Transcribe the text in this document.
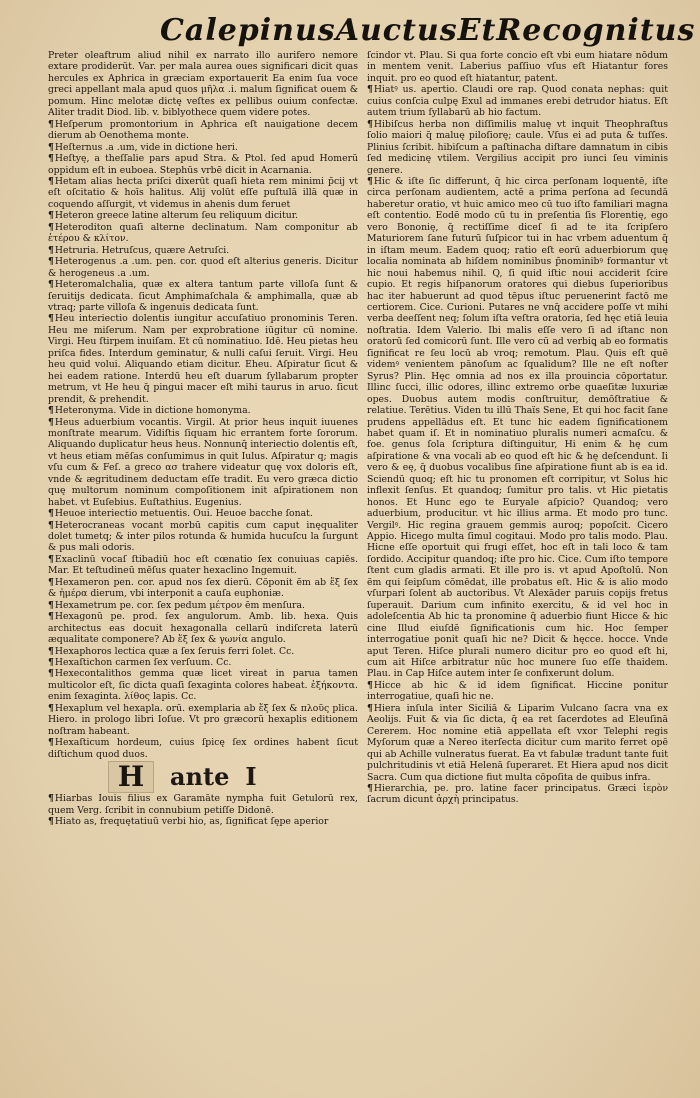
Calepinus Auctus Et Recognitus

Preter oleaftrum aliud nihil ex narrato illo aurifero nemore extare prodiderūt. Var. per mala aurea oues significari dicit quas hercules ex Aphrica in græciam exportauerit Ea enim ſua voce greci appellant mala apud quos μῆλα .i. malum ſignificat ouem & pomum. Hinc melotæ dictę veſtes ex pellibus ouium confectæ. Aliter tradit Diod. lib. v. biblyothece quem videre potes.

¶Heſperum promontorium in Aphrica eſt nauigatione decem dierum ab Oenothema monte.

¶Heſternus .a .um, vide in dictione heri.

¶Heſtyę, a theſſalie pars apud Stra. & Ptol. ſed apud Homerū oppidum eſt in euboea. Stephūs vrbē dicit in Acarnania.

¶Hetam alias hecta priſci dixerūt quaſi hieta rem minimi p̄cij vt eſt oſcitatio & hoīs halitus. Alij volūt eſſe puſtulā illā quæ in coquendo aſſurgit, vt videmus in ahenis dum feruet

¶Heteron greece latine alterum ſeu reliquum dicitur.

¶Heteroditon quaſi alterne declinatum. Nam componitur ab ἑτέρου & κλίτον.

¶Hetruria. Hetruſcus, quære Aetruſci.

¶Heterogenus .a .um. pen. cor. quod eſt alterius generis. Dicitur & herogeneus .a .um.

¶Heteromalchalia, quæ ex altera tantum parte villoſa ſunt & ſeruitijs dedicata. ſicut Amphimaſchala & amphimalla, quæ ab vtraq; parte villoſa & ingenuis dedicata ſunt.

¶Heu interiectio dolentis iungitur accuſatiuo pronominis Teren. Heu me miſerum. Nam per exprobratione iūgitur cū nomine. Virgi. Heu ſtirpem inuiſam. Et cū nominatiuo. Idē. Heu pietas heu priſca fides. Interdum geminatur, & nulli caſui ſeruit. Virgi. Heu heu quid volui. Aliquando etiam dicitur. Eheu. Aſpiratur ſicut & hei eadem ratione. Interdū heu eſt duarum ſyllabarum propter metrum, vt He heu q̄ pingui macer eſt mihi taurus in aruo. ſicut prendit, & prehendit.

¶Heteronyma. Vide in dictione homonyma.

¶Heus aduerbium vocantis. Virgil. At prior heus inquit iuuenes monſtrate mearum. Vidiſtis ſiquam hic errantem forte ſororum. Aliquando duplicatur heus heus. Nonnunq̄ interiectio dolentis eſt, vt heus etiam mēſas conſumimus in quit Iulus. Aſpiratur q; magis vſu cum & Feſ. a greco ασ trahere videatur quę vox doloris eſt, vnde & ægritudinem deductam eſſe tradit. Eu vero græca dictio quę multorum nominum compoſitionem init aſpirationem non habet. vt Euſebius. Euſtathius. Eugenius.

¶Heuoe interiectio metuentis. Oui. Heuoe bacche ſonat.

¶Heterocraneas vocant morbū capitis cum caput inęqualiter dolet tumetq; & inter pilos rotunda & humida hucuſcu la ſurgunt & pus mali odoris.

¶Exaclinū vocaſ ſtibadiū hoc eſt cœnatio ſex conuiuas capiēs. Mar. Et teſtudineū mēſus quater hexaclino Ingemuit.

¶Hexameron pen. cor. apud nos ſex dierū. Cōponit ēm ab ἕξ ſex & ἡμέρα dierum, vbi interponit a cauſa euphoniæ.

¶Hexametrum pe. cor. ſex pedum μέτρον ēm menſura.

¶Hexagonū pe. prod. ſex angulorum. Amb. lib. hexa. Quis architectus eas docuit hexagonalla cellarū indiſcreta laterū æqualitate componere? Ab ἕξ ſex & γωνία angulo.

¶Hexaphoros lectica quæ a ſex ſeruis ferri ſolet. Cc.

¶Hexaſtichon carmen ſex verſuum. Cc.

¶Hexecontalithos gemma quæ licet vireat in parua tamen multicolor eſt, ſic dicta quaſi ſexaginta colores habeat. ἑξήκοντα. enim ſexaginta. λίθος lapis. Cc.

¶Hexaplum vel hexapla. orū. exemplaria ab ἕξ ſex & πλοῦς plica. Hiero. in prologo libri Ioſue. Vt pro græcorū hexaplis editionem noſtram habeant.

¶Hexaſticum hordeum, cuius ſpicę ſex ordines habent ſicut diſtichum quod duos.

H	ante I

¶Hiarbas Iouis filius ex Garamāte nympha fuit Getulorū rex, quem Verg. ſcribit in connubium petiſſe Didonē.

¶Hiato as, frequętatiuū verbi hio, as, ſignificat ſępe aperior

ſcindor vt. Plau. Si qua forte concio eſt vbi eum hiatare nōdum in mentem venit. Laberius paſſiuo vſus eſt Hiatantur fores inquit. pro eo quod eſt hiatantur, patent.

¶Hiatꝰ us. apertio. Claudi ore rap. Quod conata nephas: quit cuius conſcia culpę Exul ad immanes erebi detrudor hiatus. Eſt autem trium ſyllabarū ab hio factum.

¶Hibiſcus herba non diſſimilis maluę vt inquit Theophraſtus ſolio maiori q̄ maluę piloſiorę; caule. Vſus ei ad puta & tuſſes. Plinius ſcribit. hibiſcum a paſtinacha diſtare damnatum in cibis ſed medicinę vtilem. Vergilius accipit pro iunci ſeu viminis genere.

¶Hic & iſte ſic differunt, q̄ hic circa perſonam loquentē, iſte circa perſonam audientem, actē a prima perſona ad ſecundā haberetur oratio, vt huic amico meo cū tuo iſto familiari magna eſt contentio. Eodē modo cū tu in preſentia ſis Florentię, ego vero Bononię, q̄ rectiſſime diceſ ſi ad te ita ſcripſero Maturiorem ſane futurū ſuſpicor tui in hac vrbem aduentum q̄ in iſtam meum. Eadem quoq; ratio eſt eorū aduerbiorum quę localia nominata ab hiſdem nominibus p̄nominibꝰ formantur vt hic noui habemus nihil. Q, ſi quid iſtic noui acciderit ſcire cupio. Et regis hiſpanorum oratores qui diebus ſuperioribus hac iter habuerunt ad quod tēpus iſtuc peruenerint factō me certiorem. Cice. Curioni. Putares ne vnq̄ accidere poſſe vt mihi verba deeſſent neq; ſolum iſta veſtra oratoria, ſed hęc etiā leuia noſtratia. Idem Valerio. Ibi malis eſſe vero ſi ad iſtanc non oratorū ſed comicorū ſunt. Ille vero cū ad verbiꝗ ab eo formatis ſignificat re ſeu locū ab vroq; remotum. Plau. Quis eſt quē videmꝰ venientem pānoſum ac ſqualidum? Ille ne eſt noſter Syrus? Plin. Hęc omnia ad nos ex illa prouincia cōportatur. Illinc ſucci, illic odores, illinc extremo orbe quaeſitæ luxuriæ opes. Duobus autem modis conſtruitur, demōſtratiue & relatiue. Terētius. Viden tu illū Thaïs Sene, Et qui hoc facit ſane prudens appellādus eſt. Et tunc hic eadem ſignificationem habet quam iſ. Et in nominatiuo pluralis numeri acmaſcu. & foe. genus ſola ſcriptura diſtinguitur, Hi enim & hę cum aſpiratione & vna vocali ab eo quod eſt hic & hę deſcendunt. Ii vero & eę, q̄ duobus vocalibus ſine aſpiratione fiunt ab is ea id. Sciendū quoq; eſt hic tu pronomen eſt corripitur, vt Solus hic inflexit ſenſus. Et quandoq; ſumitur pro talis. vt Hic pietatis honos. Et Hunc ego te Euryale aſpicio? Quandoq; vero aduerbium, producitur. vt hic illius arma. Et modo pro tunc. Vergilꝰ. Hic regina grauem gemmis auroq; popoſcit. Cicero Appio. Hicego multa ſimul cogitaui. Modo pro talis modo. Plau. Hicne eſſe oportuit qui frugi eſſet, hoc eſt in tali loco & tam ſordido. Accipitur quandoq; iſte pro hic. Cice. Cum iſto tempore ſtent cum gladis armati. Et ille pro is. vt apud Apoſtolū. Non ēm qui ſeipſum cōmēdat, ille probatus eſt. Hic & is alio modo vſurpari ſolent ab auctoribus. Vt Alexāder paruis copijs fretus ſuperauit. Darium cum infinito exercitu, & id vel hoc in adoleſcentia Ab hic ta pronomine q̄ aduerbio fiunt Hicce & hic cine Illud eiuſdē ſignificationis cum hic. Hoc ſemper interrogatiue ponit quaſi hic ne? Dicit & hęcce. hocce. Vnde aput Teren. Hiſce plurali numero dicitur pro eo quod eſt hi, cum ait Hiſce arbitratur nūc hoc munere ſuo eſſe thaidem. Plau. in Cap Hiſce autem inter ſe confixerunt dolum.

¶Hicce ab hic & id idem ſignificat. Hiccine ponitur interrogatiue, quaſi hic ne.

¶Hiera inſula inter Siciliā & Liparim Vulcano ſacra vna ex Aeolijs. Fuit & via ſic dicta, q̄ ea ret ſacerdotes ad Eleuſinā Cererem. Hoc nomine etiā appellata eſt vxor Telephi regis Myſorum quæ a Nereo iterſecta dicitur cum marito ferret opē qui ab Achille vulneratus fuerat. Ea vt fabulæ tradunt tante fuit pulchritudinis vt etiā Helenā ſuperaret. Et Hiera apud nos dicit Sacra. Cum qua dictione fiut multa cōpoſita de quibus infra.

¶Hierarchia, pe. pro. latine facer principatus. Græci ἱερὸν ſacrum dicunt ἀρχὴ principatus.
